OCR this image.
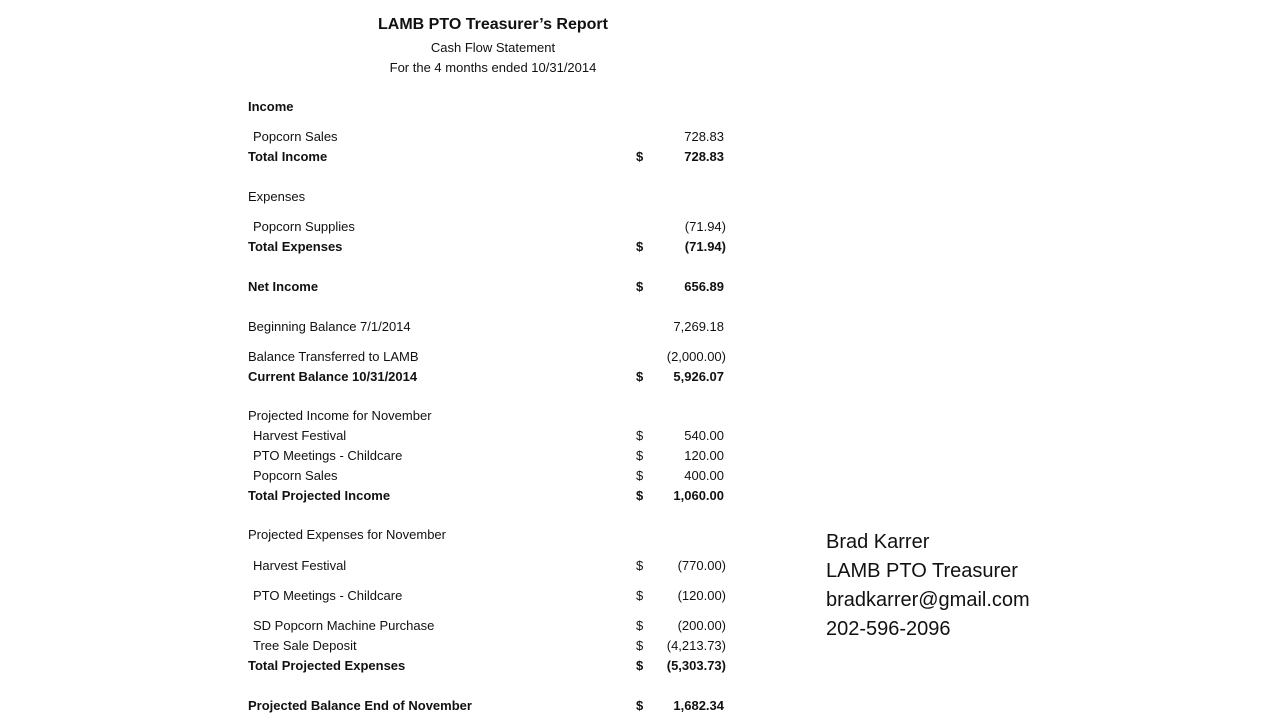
LAMB PTO Treasurer’s Report
Cash Flow Statement
For the 4 months ended 10/31/2014
Income
Popcorn Sales	728.83
Total Income	$	728.83
Expenses
Popcorn Supplies	(71.94)
Total Expenses	$	(71.94)
Net Income	$	656.89
Beginning Balance 7/1/2014	7,269.18
Balance Transferred to LAMB	(2,000.00)
Current Balance 10/31/2014	$ 5,926.07
Projected Income for November
Harvest Festival	$	540.00
PTO Meetings - Childcare	$	120.00
Popcorn Sales	$	400.00
Total Projected Income	$ 1,060.00
Projected Expenses for November
Harvest Festival	$	(770.00)
PTO Meetings - Childcare	$	(120.00)
SD Popcorn Machine Purchase	$	(200.00)
Tree Sale Deposit	$ (4,213.73)
Total Projected Expenses	$ (5,303.73)
Projected Balance End of November	$ 1,682.34
Brad Karrer
LAMB PTO Treasurer
bradkarrer@gmail.com
202-596-2096
